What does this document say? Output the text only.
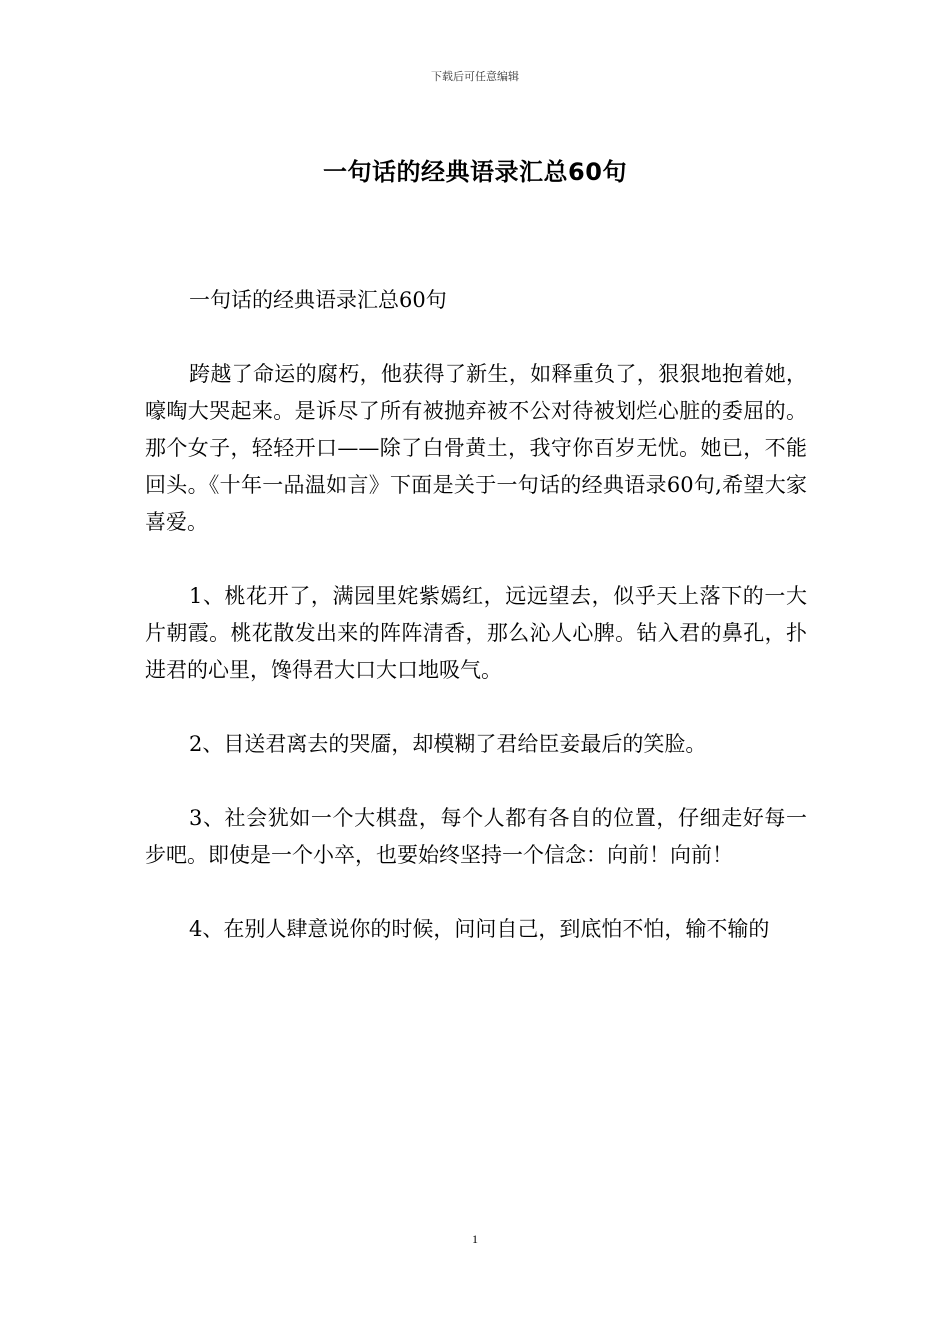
下载后可任意编辑
一句话的经典语录汇总60句

一句话的经典语录汇总60句

跨越了命运的腐朽，他获得了新生，如释重负了，狠狠地抱着她，嚎啕大哭起来。是诉尽了所有被抛弃被不公对待被划烂心脏的委屈的。那个女子，轻轻开口——除了白骨黄土，我守你百岁无忧。她已，不能回头。《十年一品温如言》下面是关于一句话的经典语录60句,希望大家喜爱。

1、桃花开了，满园里姹紫嫣红，远远望去，似乎天上落下的一大片朝霞。桃花散发出来的阵阵清香，那么沁人心脾。钻入君的鼻孔，扑进君的心里，馋得君大口大口地吸气。

2、目送君离去的哭靥，却模糊了君给臣妾最后的笑脸。

3、社会犹如一个大棋盘，每个人都有各自的位置，仔细走好每一步吧。即使是一个小卒，也要始终坚持一个信念：向前！向前！

4、在别人肆意说你的时候，问问自己，到底怕不怕，输不输的

1
